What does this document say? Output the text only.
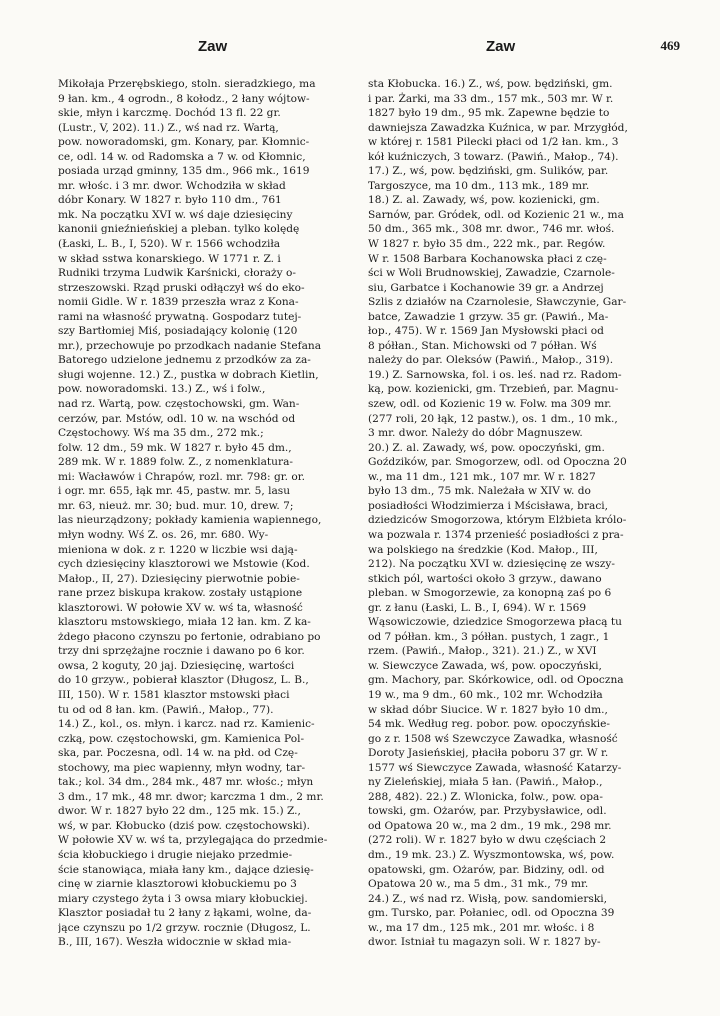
Zaw	Zaw	469
Mikołaja Przerębskiego, stoln. sieradzkiego, ma
9 łan. km., 4 ogrodn., 8 kołodz., 2 łany wójtow-
skie, młyn i karczmę. Dochód 13 fl. 22 gr.
(Lustr., V, 202). 11.) Z., wś nad rz. Wartą,
pow. noworadomski, gm. Konary, par. Kłomnic-
ce, odl. 14 w. od Radomska a 7 w. od Kłomnic,
posiada urząd gminny, 135 dm., 966 mk., 1619
mr. włośc. i 3 mr. dwor. Wchodziła w skład
dóbr Konary. W 1827 r. było 110 dm., 761
mk. Na początku XVI w. wś daje dziesięciny
kanonii gnieźnieńskiej a pleban. tylko kolędę
(Łaski, L. B., I, 520). W r. 1566 wchodziła
w skład sstwa konarskiego. W 1771 r. Z. i
Rudniki trzyma Ludwik Karśnicki, cłoraży o-
strzeszowski. Rząd pruski odłączył wś do eko-
nomii Gidle. W r. 1839 przeszła wraz z Kona-
rami na własność prywatną. Gospodarz tutej-
szy Bartłomiej Miś, posiadający kolonię (120
mr.), przechowuje po przodkach nadanie Stefana
Batorego udzielone jednemu z przodków za za-
sługi wojenne. 12.) Z., pustka w dobrach Kietlin,
pow. noworadomski. 13.) Z., wś i folw.,
nad rz. Wartą, pow. częstochowski, gm. Wan-
cerzów, par. Mstów, odl. 10 w. na wschód od
Częstochowy. Wś ma 35 dm., 272 mk.;
folw. 12 dm., 59 mk. W 1827 r. było 45 dm.,
289 mk. W r. 1889 folw. Z., z nomenklatura-
mi: Wacławów i Chrapów, rozl. mr. 798: gr. or.
i ogr. mr. 655, łąk mr. 45, pastw. mr. 5, lasu
mr. 63, nieuż. mr. 30; bud. mur. 10, drew. 7;
las nieurządzony; pokłady kamienia wapiennego,
młyn wodny. Wś Z. os. 26, mr. 680. Wy-
mieniona w dok. z r. 1220 w liczbie wsi dają-
cych dziesięciny klasztorowi we Mstowie (Kod.
Małop., II, 27). Dziesięciny pierwotnie pobie-
rane przez biskupa krakow. zostały ustąpione
klasztorowi. W połowie XV w. wś ta, własność
klasztoru mstowskiego, miała 12 łan. km. Z ka-
żdego płacono czynszu po fertonie, odrabiano po
trzy dni sprzężajne rocznie i dawano po 6 kor.
owsa, 2 koguty, 20 jaj. Dziesięcinę, wartości
do 10 grzyw., pobierał klasztor (Długosz, L. B.,
III, 150). W r. 1581 klasztor mstowski płaci
tu od od 8 łan. km. (Pawiń., Małop., 77).
14.) Z., kol., os. młyn. i karcz. nad rz. Kamienic-
czką, pow. częstochowski, gm. Kamienica Pol-
ska, par. Poczesna, odl. 14 w. na płd. od Czę-
stochowy, ma piec wapienny, młyn wodny, tar-
tak.; kol. 34 dm., 284 mk., 487 mr. włośc.; młyn
3 dm., 17 mk., 48 mr. dwor; karczma 1 dm., 2 mr.
dwor. W r. 1827 było 22 dm., 125 mk. 15.) Z.,
wś, w par. Kłobucko (dziś pow. częstochowski).
W połowie XV w. wś ta, przylegająca do przedmie-
ścia kłobuckiego i drugie niejako przedmie-
ście stanowiąca, miała łany km., dające dziesię-
cinę w ziarnie klasztorowi kłobuckiemu po 3
miary czystego żyta i 3 owsa miary kłobuckiej.
Klasztor posiadał tu 2 łany z łąkami, wolne, da-
jące czynszu po 1/2 grzyw. rocznie (Długosz, L.
B., III, 167). Weszła widocznie w skład mia-
sta Kłobucka. 16.) Z., wś, pow. będziński, gm.
i par. Żarki, ma 33 dm., 157 mk., 503 mr. W r.
1827 było 19 dm., 95 mk. Zapewne będzie to
dawniejsza Zawadzka Kuźnica, w par. Mrzygłód,
w której r. 1581 Pilecki płaci od 1/2 łan. km., 3
kół kuźniczych, 3 towarz. (Pawiń., Małop., 74).
17.) Z., wś, pow. będziński, gm. Sulików, par.
Targoszyce, ma 10 dm., 113 mk., 189 mr.
18.) Z. al. Zawady, wś, pow. kozienicki, gm.
Sarnów, par. Gródek, odl. od Kozienic 21 w., ma
50 dm., 365 mk., 308 mr. dwor., 746 mr. włoś.
W 1827 r. było 35 dm., 222 mk., par. Regów.
W r. 1508 Barbara Kochanowska płaci z czę-
ści w Woli Brudnowskiej, Zawadzie, Czarnole-
siu, Garbatce i Kochanowie 39 gr. a Andrzej
Szlis z działów na Czarnolesie, Sławczynie, Gar-
batce, Zawadzie 1 grzyw. 35 gr. (Pawiń., Ma-
łop., 475). W r. 1569 Jan Mysłowski płaci od
8 półłan., Stan. Michowski od 7 półłan. Wś
należy do par. Oleksów (Pawiń., Małop., 319).
19.) Z. Sarnowska, fol. i os. leś. nad rz. Radom-
ką, pow. kozienicki, gm. Trzebień, par. Magnu-
szew, odl. od Kozienic 19 w. Folw. ma 309 mr.
(277 roli, 20 łąk, 12 pastw.), os. 1 dm., 10 mk.,
3 mr. dwor. Należy do dóbr Magnuszew.
20.) Z. al. Zawady, wś, pow. opoczyński, gm.
Goździków, par. Smogorzew, odl. od Opoczna 20
w., ma 11 dm., 121 mk., 107 mr. W r. 1827
było 13 dm., 75 mk. Należała w XIV w. do
posiadłości Włodzimierza i Mścisława, braci,
dziedziców Smogorzowa, którym Elżbieta królo-
wa pozwala r. 1374 przenieść posiadłości z pra-
wa polskiego na średzkie (Kod. Małop., III,
212). Na początku XVI w. dziesięcinę ze wszy-
stkich pól, wartości około 3 grzyw., dawano
pleban. w Smogorzewie, za konopną zaś po 6
gr. z łanu (Łaski, L. B., I, 694). W r. 1569
Wąsowiczowie, dziedzice Smogorzewa płacą tu
od 7 półłan. km., 3 półłan. pustych, 1 zagr., 1
rzem. (Pawiń., Małop., 321). 21.) Z., w XVI
w. Siewczyce Zawada, wś, pow. opoczyński,
gm. Machory, par. Skórkowice, odl. od Opoczna
19 w., ma 9 dm., 60 mk., 102 mr. Wchodziła
w skład dóbr Siucice. W r. 1827 było 10 dm.,
54 mk. Według reg. pobor. pow. opoczyńskie-
go z r. 1508 wś Szewczyce Zawadka, własność
Doroty Jasieńskiej, płaciła poboru 37 gr. W r.
1577 wś Siewczyce Zawada, własność Katarzy-
ny Zieleńskiej, miała 5 łan. (Pawiń., Małop.,
288, 482). 22.) Z. Wlonicka, folw., pow. opa-
towski, gm. Ożarów, par. Przybysławice, odl.
od Opatowa 20 w., ma 2 dm., 19 mk., 298 mr.
(272 roli). W r. 1827 było w dwu częściach 2
dm., 19 mk. 23.) Z. Wyszmontowska, wś, pow.
opatowski, gm. Ożarów, par. Bidziny, odl. od
Opatowa 20 w., ma 5 dm., 31 mk., 79 mr.
24.) Z., wś nad rz. Wisłą, pow. sandomierski,
gm. Tursko, par. Połaniec, odl. od Opoczna 39
w., ma 17 dm., 125 mk., 201 mr. włośc. i 8
dwor. Istniał tu magazyn soli. W r. 1827 by-
